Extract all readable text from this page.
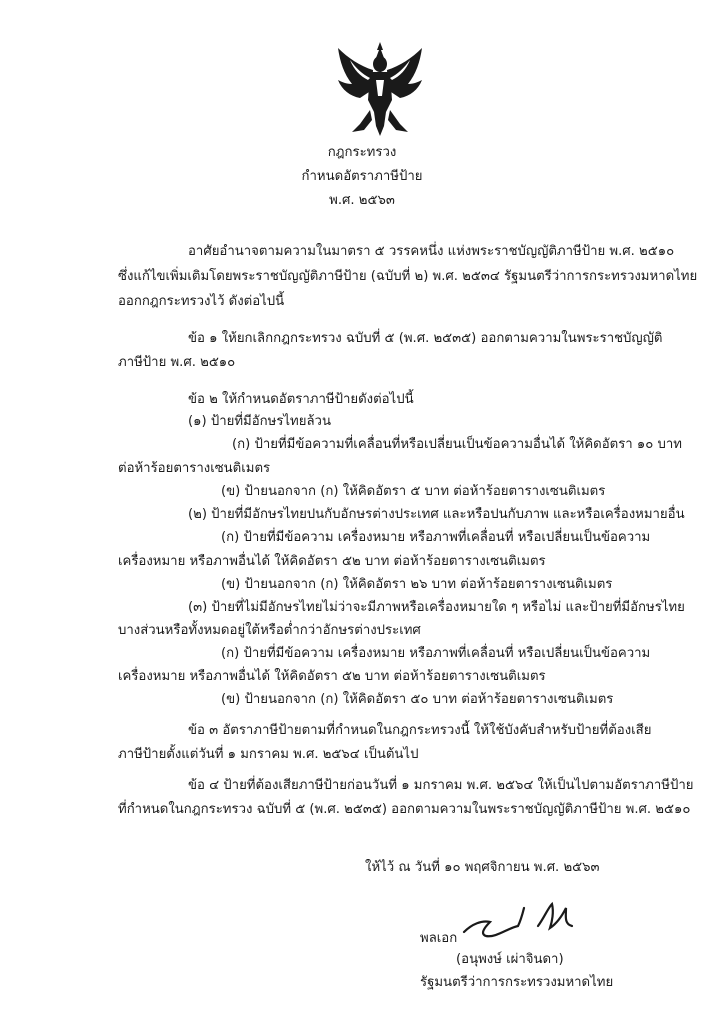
กฎกระทรวง
กำหนดอัตราภาษีป้าย
พ.ศ. ๒๕๖๓
อาศัยอำนาจตามความในมาตรา ๕ วรรคหนึ่ง แห่งพระราชบัญญัติภาษีป้าย พ.ศ. ๒๕๑๐
ซึ่งแก้ไขเพิ่มเติมโดยพระราชบัญญัติภาษีป้าย (ฉบับที่ ๒) พ.ศ. ๒๕๓๔ รัฐมนตรีว่าการกระทรวงมหาดไทย
ออกกฎกระทรวงไว้ ดังต่อไปนี้
ข้อ ๑ ให้ยกเลิกกฎกระทรวง ฉบับที่ ๕ (พ.ศ. ๒๕๓๕) ออกตามความในพระราชบัญญัติ
ภาษีป้าย พ.ศ. ๒๕๑๐
ข้อ ๒ ให้กำหนดอัตราภาษีป้ายดังต่อไปนี้
(๑) ป้ายที่มีอักษรไทยล้วน
(ก) ป้ายที่มีข้อความที่เคลื่อนที่หรือเปลี่ยนเป็นข้อความอื่นได้ ให้คิดอัตรา ๑๐ บาท
ต่อห้าร้อยตารางเซนติเมตร
(ข) ป้ายนอกจาก (ก) ให้คิดอัตรา ๕ บาท ต่อห้าร้อยตารางเซนติเมตร
(๒) ป้ายที่มีอักษรไทยปนกับอักษรต่างประเทศ และหรือปนกับภาพ และหรือเครื่องหมายอื่น
(ก) ป้ายที่มีข้อความ เครื่องหมาย หรือภาพที่เคลื่อนที่ หรือเปลี่ยนเป็นข้อความ
เครื่องหมาย หรือภาพอื่นได้ ให้คิดอัตรา ๕๒ บาท ต่อห้าร้อยตารางเซนติเมตร
(ข) ป้ายนอกจาก (ก) ให้คิดอัตรา ๒๖ บาท ต่อห้าร้อยตารางเซนติเมตร
(๓) ป้ายที่ไม่มีอักษรไทยไม่ว่าจะมีภาพหรือเครื่องหมายใด ๆ หรือไม่ และป้ายที่มีอักษรไทย
บางส่วนหรือทั้งหมดอยู่ใต้หรือต่ำกว่าอักษรต่างประเทศ
(ก) ป้ายที่มีข้อความ เครื่องหมาย หรือภาพที่เคลื่อนที่ หรือเปลี่ยนเป็นข้อความ
เครื่องหมาย หรือภาพอื่นได้ ให้คิดอัตรา ๕๒ บาท ต่อห้าร้อยตารางเซนติเมตร
(ข) ป้ายนอกจาก (ก) ให้คิดอัตรา ๕๐ บาท ต่อห้าร้อยตารางเซนติเมตร
ข้อ ๓ อัตราภาษีป้ายตามที่กำหนดในกฎกระทรวงนี้ ให้ใช้บังคับสำหรับป้ายที่ต้องเสีย
ภาษีป้ายตั้งแต่วันที่ ๑ มกราคม พ.ศ. ๒๕๖๔ เป็นต้นไป
ข้อ ๔ ป้ายที่ต้องเสียภาษีป้ายก่อนวันที่ ๑ มกราคม พ.ศ. ๒๕๖๔ ให้เป็นไปตามอัตราภาษีป้าย
ที่กำหนดในกฎกระทรวง ฉบับที่ ๕ (พ.ศ. ๒๕๓๕) ออกตามความในพระราชบัญญัติภาษีป้าย พ.ศ. ๒๕๑๐
ให้ไว้ ณ วันที่ ๑๐ พฤศจิกายน พ.ศ. ๒๕๖๓
พลเอก
(อนุพงษ์ เผ่าจินดา)
รัฐมนตรีว่าการกระทรวงมหาดไทย
